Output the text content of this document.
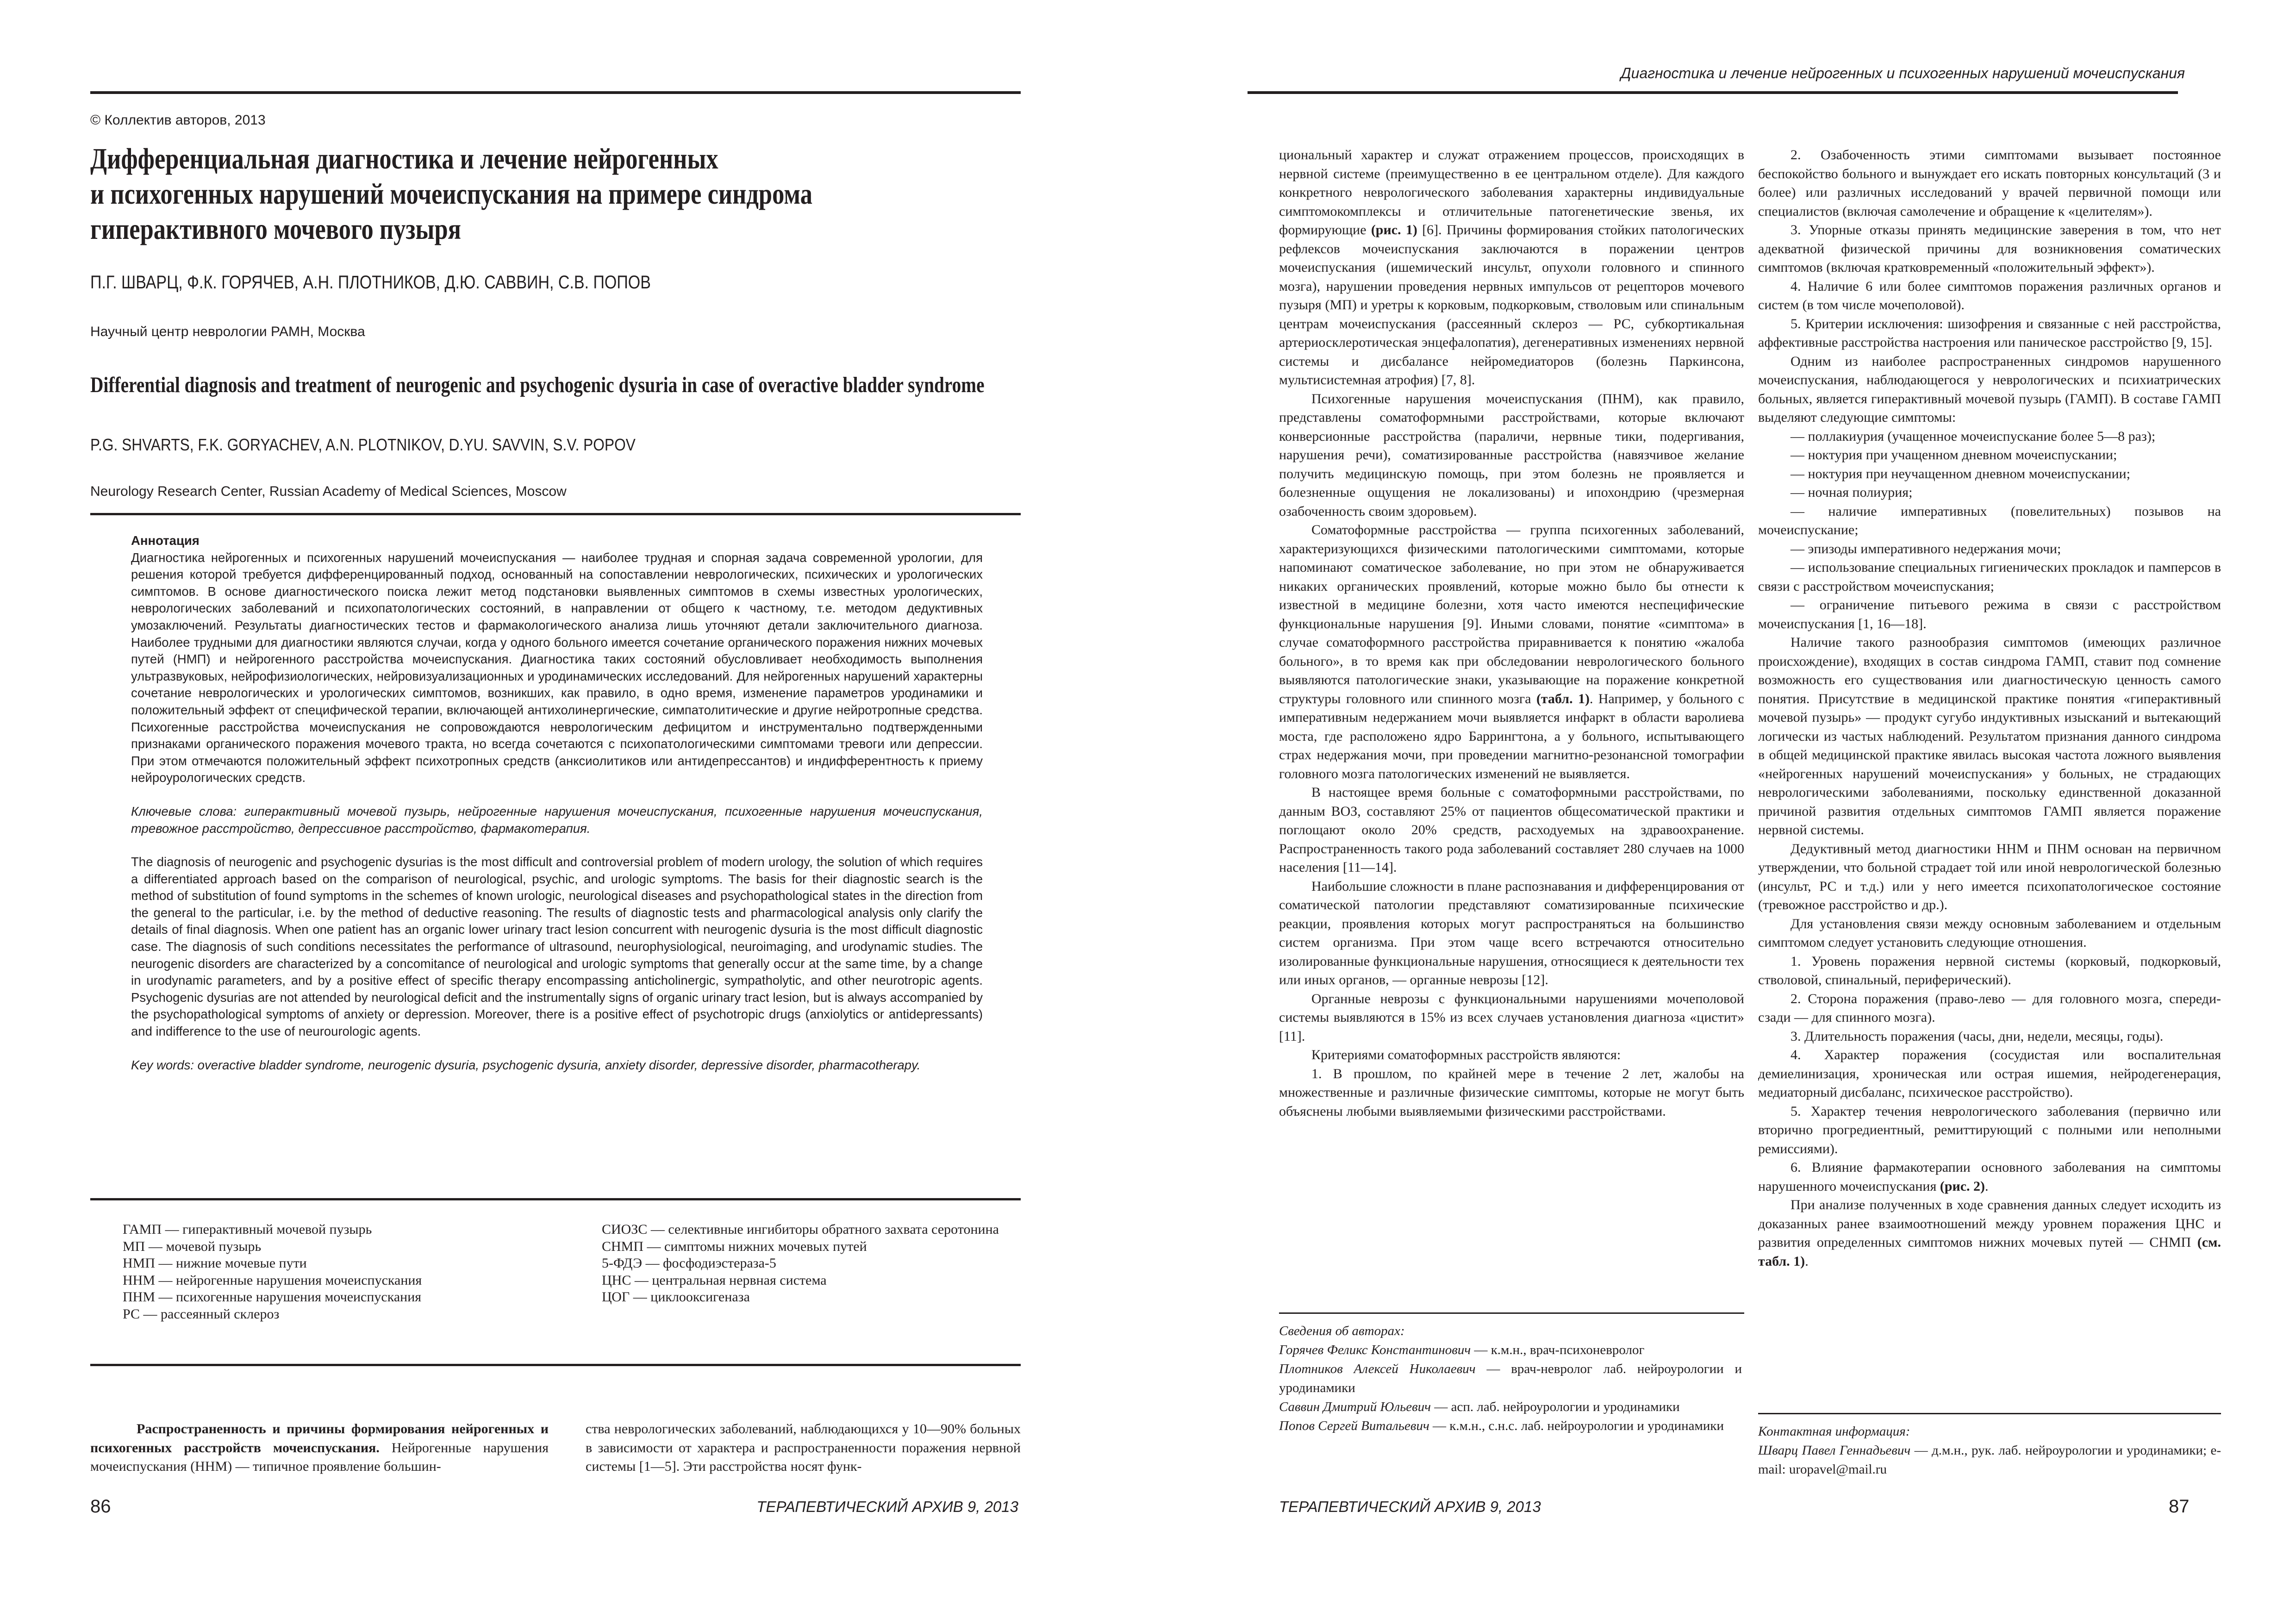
© Коллектив авторов, 2013
Дифференциальная диагностика и лечение нейрогенных
и психогенных нарушений мочеиспускания на примере синдрома
гиперактивного мочевого пузыря
П.Г. ШВАРЦ, Ф.К. ГОРЯЧЕВ, А.Н. ПЛОТНИКОВ, Д.Ю. САВВИН, С.В. ПОПОВ
Научный центр неврологии РАМН, Москва
Differential diagnosis and treatment of neurogenic and psychogenic dysuria in case of overactive bladder syndrome
P.G. SHVARTS, F.K. GORYACHEV, A.N. PLOTNIKOV, D.YU. SAVVIN, S.V. POPOV
Neurology Research Center, Russian Academy of Medical Sciences, Moscow

Аннотация

Диагностика нейрогенных и психогенных нарушений мочеиспускания — наиболее трудная и спорная задача современной урологии, для решения которой требуется дифференцированный подход, основанный на сопоставлении неврологических, психических и урологических симптомов. В основе диагностического поиска лежит метод подстановки выявленных симптомов в схемы известных урологических, неврологических заболеваний и психопатологических состояний, в направлении от общего к частному, т.е. методом дедуктивных умозаключений. Результаты диагностических тестов и фармакологического анализа лишь уточняют детали заключительного диагноза. Наиболее трудными для диагностики являются случаи, когда у одного больного имеется сочетание органического поражения нижних мочевых путей (НМП) и нейрогенного расстройства мочеиспускания. Диагностика таких состояний обусловливает необходимость выполнения ультразвуковых, нейрофизиологических, нейровизуализационных и уродинамических исследований. Для нейрогенных нарушений характерны сочетание неврологических и урологических симптомов, возникших, как правило, в одно время, изменение параметров уродинамики и положительный эффект от специфической терапии, включающей антихолинергические, симпатолитические и другие нейротропные средства. Психогенные расстройства мочеиспускания не сопровождаются неврологическим дефицитом и инструментально подтвержденными признаками органического поражения мочевого тракта, но всегда сочетаются с психопатологическими симптомами тревоги или депрессии. При этом отмечаются положительный эффект психотропных средств (анксиолитиков или антидепрессантов) и индифферентность к приему нейроурологических средств.

Ключевые слова: гиперактивный мочевой пузырь, нейрогенные нарушения мочеиспускания, психогенные нарушения мочеиспускания, тревожное расстройство, депрессивное расстройство, фармакотерапия.

The diagnosis of neurogenic and psychogenic dysurias is the most difficult and controversial problem of modern urology, the solution of which requires a differentiated approach based on the comparison of neurological, psychic, and urologic symptoms. The basis for their diagnostic search is the method of substitution of found symptoms in the schemes of known urologic, neurological diseases and psychopathological states in the direction from the general to the particular, i.e. by the method of deductive reasoning. The results of diagnostic tests and pharmacological analysis only clarify the details of final diagnosis. When one patient has an organic lower urinary tract lesion concurrent with neurogenic dysuria is the most difficult diagnostic case. The diagnosis of such conditions necessitates the performance of ultrasound, neurophysiological, neuroimaging, and urodynamic studies. The neurogenic disorders are characterized by a concomitance of neurological and urologic symptoms that generally occur at the same time, by a change in urodynamic parameters, and by a positive effect of specific therapy encompassing anticholinergic, sympatholytic, and other neurotropic agents. Psychogenic dysurias are not attended by neurological deficit and the instrumentally signs of organic urinary tract lesion, but is always accompanied by the psychopathological symptoms of anxiety or depression. Moreover, there is a positive effect of psychotropic drugs (anxiolytics or antidepressants) and indifference to the use of neurourologic agents.

Key words: overactive bladder syndrome, neurogenic dysuria, psychogenic dysuria, anxiety disorder, depressive disorder, pharmacotherapy.

ГАМП — гиперактивный мочевой пузырь
МП — мочевой пузырь
НМП — нижние мочевые пути
ННМ — нейрогенные нарушения мочеиспускания
ПНМ — психогенные нарушения мочеиспускания
РС — рассеянный склероз
СИОЗС — селективные ингибиторы обратного захвата серотонина
СНМП — симптомы нижних мочевых путей
5-ФДЭ — фосфодиэстераза-5
ЦНС — центральная нервная система
ЦОГ — циклооксигеназа

Распространенность и причины формирования нейрогенных и психогенных расстройств мочеиспускания. Нейрогенные нарушения мочеиспускания (ННМ) — типичное проявление большин-

ства неврологических заболеваний, наблюдающихся у 10—90% больных в зависимости от характера и распространенности поражения нервной системы [1—5]. Эти расстройства носят функ-

86	ТЕРАПЕВТИЧЕСКИЙ АРХИВ 9, 2013
Диагностика и лечение нейрогенных и психогенных нарушений мочеиспускания

циональный характер и служат отражением процессов, происходящих в нервной системе (преимущественно в ее центральном отделе). Для каждого конкретного неврологического заболевания характерны индивидуальные симптомокомплексы и отличительные патогенетические звенья, их формирующие (рис. 1) [6]. Причины формирования стойких патологических рефлексов мочеиспускания заключаются в поражении центров мочеиспускания (ишемический инсульт, опухоли головного и спинного мозга), нарушении проведения нервных импульсов от рецепторов мочевого пузыря (МП) и уретры к корковым, подкорковым, стволовым или спинальным центрам мочеиспускания (рассеянный склероз — РС, субкортикальная артериосклеротическая энцефалопатия), дегенеративных изменениях нервной системы и дисбалансе нейромедиаторов (болезнь Паркинсона, мультисистемная атрофия) [7, 8].

Психогенные нарушения мочеиспускания (ПНМ), как правило, представлены соматоформными расстройствами, которые включают конверсионные расстройства (параличи, нервные тики, подергивания, нарушения речи), соматизированные расстройства (навязчивое желание получить медицинскую помощь, при этом болезнь не проявляется и болезненные ощущения не локализованы) и ипохондрию (чрезмерная озабоченность своим здоровьем).

Соматоформные расстройства — группа психогенных заболеваний, характеризующихся физическими патологическими симптомами, которые напоминают соматическое заболевание, но при этом не обнаруживается никаких органических проявлений, которые можно было бы отнести к известной в медицине болезни, хотя часто имеются неспецифические функциональные нарушения [9]. Иными словами, понятие «симптома» в случае соматоформного расстройства приравнивается к понятию «жалоба больного», в то время как при обследовании неврологического больного выявляются патологические знаки, указывающие на поражение конкретной структуры головного или спинного мозга (табл. 1). Например, у больного с императивным недержанием мочи выявляется инфаркт в области варолиева моста, где расположено ядро Баррингтона, а у больного, испытывающего страх недержания мочи, при проведении магнитно-резонансной томографии головного мозга патологических изменений не выявляется.

В настоящее время больные с соматоформными расстройствами, по данным ВОЗ, составляют 25% от пациентов общесоматической практики и поглощают около 20% средств, расходуемых на здравоохранение. Распространенность такого рода заболеваний составляет 280 случаев на 1000 населения [11—14].

Наибольшие сложности в плане распознавания и дифференцирования от соматической патологии представляют соматизированные психические реакции, проявления которых могут распространяться на большинство систем организма. При этом чаще всего встречаются относительно изолированные функциональные нарушения, относящиеся к деятельности тех или иных органов, — органные неврозы [12].

Органные неврозы с функциональными нарушениями мочеполовой системы выявляются в 15% из всех случаев установления диагноза «цистит» [11].

Критериями соматоформных расстройств являются:

1. В прошлом, по крайней мере в течение 2 лет, жалобы на множественные и различные физические симптомы, которые не могут быть объяснены любыми выявляемыми физическими расстройствами.

Сведения об авторах:

Горячев Феликс Константинович — к.м.н., врач-психоневролог

Плотников Алексей Николаевич — врач-невролог лаб. нейроурологии и уродинамики

Саввин Дмитрий Юльевич — асп. лаб. нейроурологии и уродинамики

Попов Сергей Витальевич — к.м.н., с.н.с. лаб. нейроурологии и уродинамики

2. Озабоченность этими симптомами вызывает постоянное беспокойство больного и вынуждает его искать повторных консультаций (3 и более) или различных исследований у врачей первичной помощи или специалистов (включая самолечение и обращение к «целителям»).

3. Упорные отказы принять медицинские заверения в том, что нет адекватной физической причины для возникновения соматических симптомов (включая кратковременный «положительный эффект»).

4. Наличие 6 или более симптомов поражения различных органов и систем (в том числе мочеполовой).

5. Критерии исключения: шизофрения и связанные с ней расстройства, аффективные расстройства настроения или паническое расстройство [9, 15].

Одним из наиболее распространенных синдромов нарушенного мочеиспускания, наблюдающегося у неврологических и психиатрических больных, является гиперактивный мочевой пузырь (ГАМП). В составе ГАМП выделяют следующие симптомы:

— поллакиурия (учащенное мочеиспускание более 5—8 раз);

— ноктурия при учащенном дневном мочеиспускании;

— ноктурия при неучащенном дневном мочеиспускании;

— ночная полиурия;

— наличие императивных (повелительных) позывов на мочеиспускание;

— эпизоды императивного недержания мочи;

— использование специальных гигиенических прокладок и памперсов в связи с расстройством мочеиспускания;

— ограничение питьевого режима в связи с расстройством мочеиспускания [1, 16—18].

Наличие такого разнообразия симптомов (имеющих различное происхождение), входящих в состав синдрома ГАМП, ставит под сомнение возможность его существования или диагностическую ценность самого понятия. Присутствие в медицинской практике понятия «гиперактивный мочевой пузырь» — продукт сугубо индуктивных изысканий и вытекающий логически из частых наблюдений. Результатом признания данного синдрома в общей медицинской практике явилась высокая частота ложного выявления «нейрогенных нарушений мочеиспускания» у больных, не страдающих неврологическими заболеваниями, поскольку единственной доказанной причиной развития отдельных симптомов ГАМП является поражение нервной системы.

Дедуктивный метод диагностики ННМ и ПНМ основан на первичном утверждении, что больной страдает той или иной неврологической болезнью (инсульт, РС и т.д.) или у него имеется психопатологическое состояние (тревожное расстройство и др.).

Для установления связи между основным заболеванием и отдельным симптомом следует установить следующие отношения.

1. Уровень поражения нервной системы (корковый, подкорковый, стволовой, спинальный, периферический).

2. Сторона поражения (право-лево — для головного мозга, спереди-сзади — для спинного мозга).

3. Длительность поражения (часы, дни, недели, месяцы, годы).

4. Характер поражения (сосудистая или воспалительная демиелинизация, хроническая или острая ишемия, нейродегенерация, медиаторный дисбаланс, психическое расстройство).

5. Характер течения неврологического заболевания (первично или вторично прогредиентный, ремиттирующий с полными или неполными ремиссиями).

6. Влияние фармакотерапии основного заболевания на симптомы нарушенного мочеиспускания (рис. 2).

При анализе полученных в ходе сравнения данных следует исходить из доказанных ранее взаимоотношений между уровнем поражения ЦНС и развития определенных симптомов нижних мочевых путей — СНМП (см. табл. 1).

Контактная информация:

Шварц Павел Геннадьевич — д.м.н., рук. лаб. нейроурологии и уродинамики; e-mail: uropavel@mail.ru

ТЕРАПЕВТИЧЕСКИЙ АРХИВ 9, 2013	87
